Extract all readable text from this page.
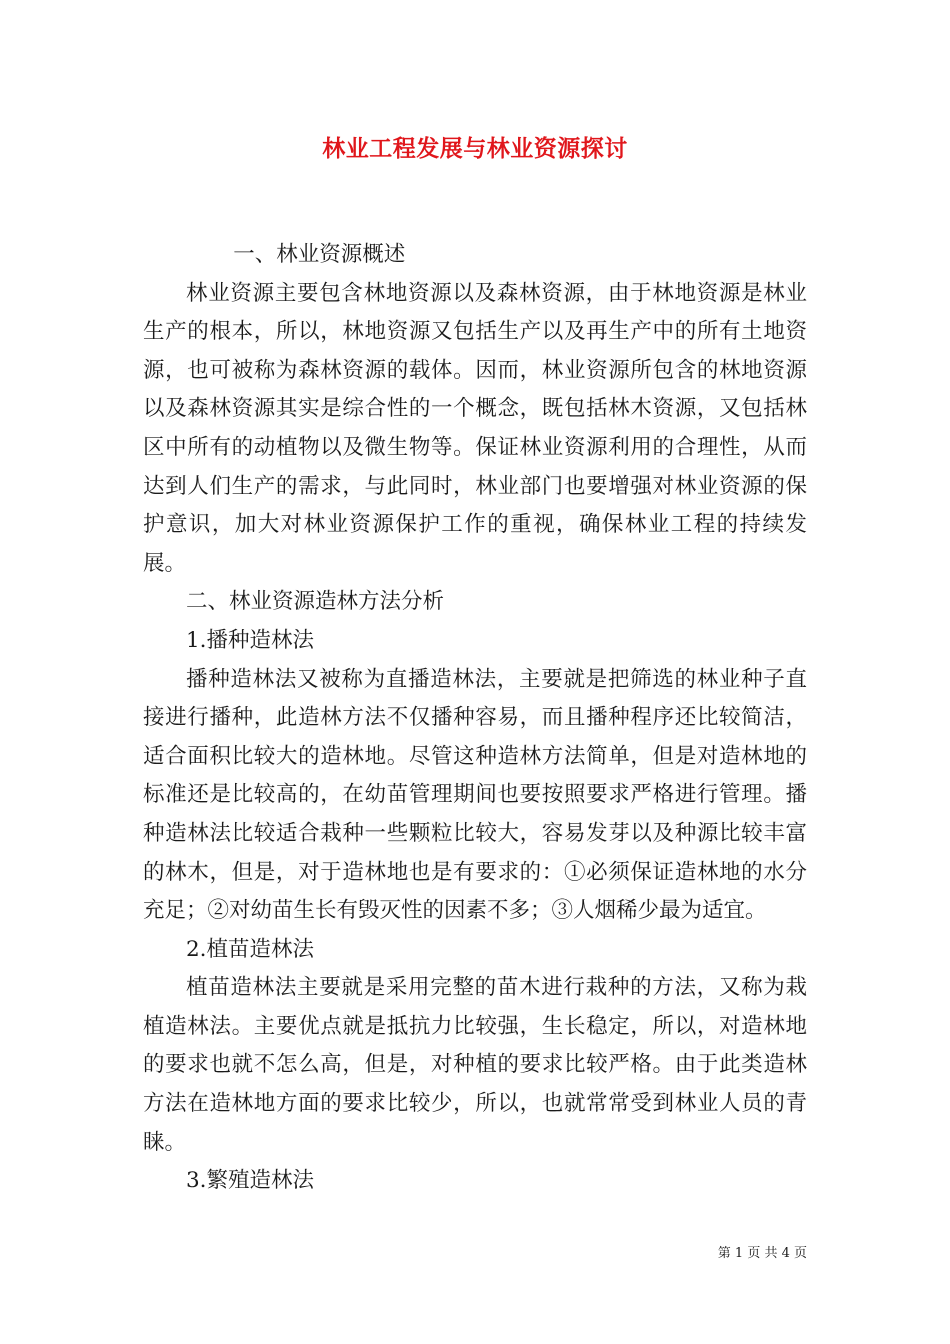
林业工程发展与林业资源探讨

一、林业资源概述

林业资源主要包含林地资源以及森林资源，由于林地资源是林业生产的根本，所以，林地资源又包括生产以及再生产中的所有土地资源，也可被称为森林资源的载体。因而，林业资源所包含的林地资源以及森林资源其实是综合性的一个概念，既包括林木资源，又包括林区中所有的动植物以及微生物等。保证林业资源利用的合理性，从而达到人们生产的需求，与此同时，林业部门也要增强对林业资源的保护意识，加大对林业资源保护工作的重视，确保林业工程的持续发展。

二、林业资源造林方法分析

1.播种造林法

播种造林法又被称为直播造林法，主要就是把筛选的林业种子直接进行播种，此造林方法不仅播种容易，而且播种程序还比较简洁，适合面积比较大的造林地。尽管这种造林方法简单，但是对造林地的标准还是比较高的，在幼苗管理期间也要按照要求严格进行管理。播种造林法比较适合栽种一些颗粒比较大，容易发芽以及种源比较丰富的林木，但是，对于造林地也是有要求的：①必须保证造林地的水分充足；②对幼苗生长有毁灭性的因素不多；③人烟稀少最为适宜。

2.植苗造林法

植苗造林法主要就是采用完整的苗木进行栽种的方法，又称为栽植造林法。主要优点就是抵抗力比较强，生长稳定，所以，对造林地的要求也就不怎么高，但是，对种植的要求比较严格。由于此类造林方法在造林地方面的要求比较少，所以，也就常常受到林业人员的青睐。

3.繁殖造林法

第 1 页 共 4 页
